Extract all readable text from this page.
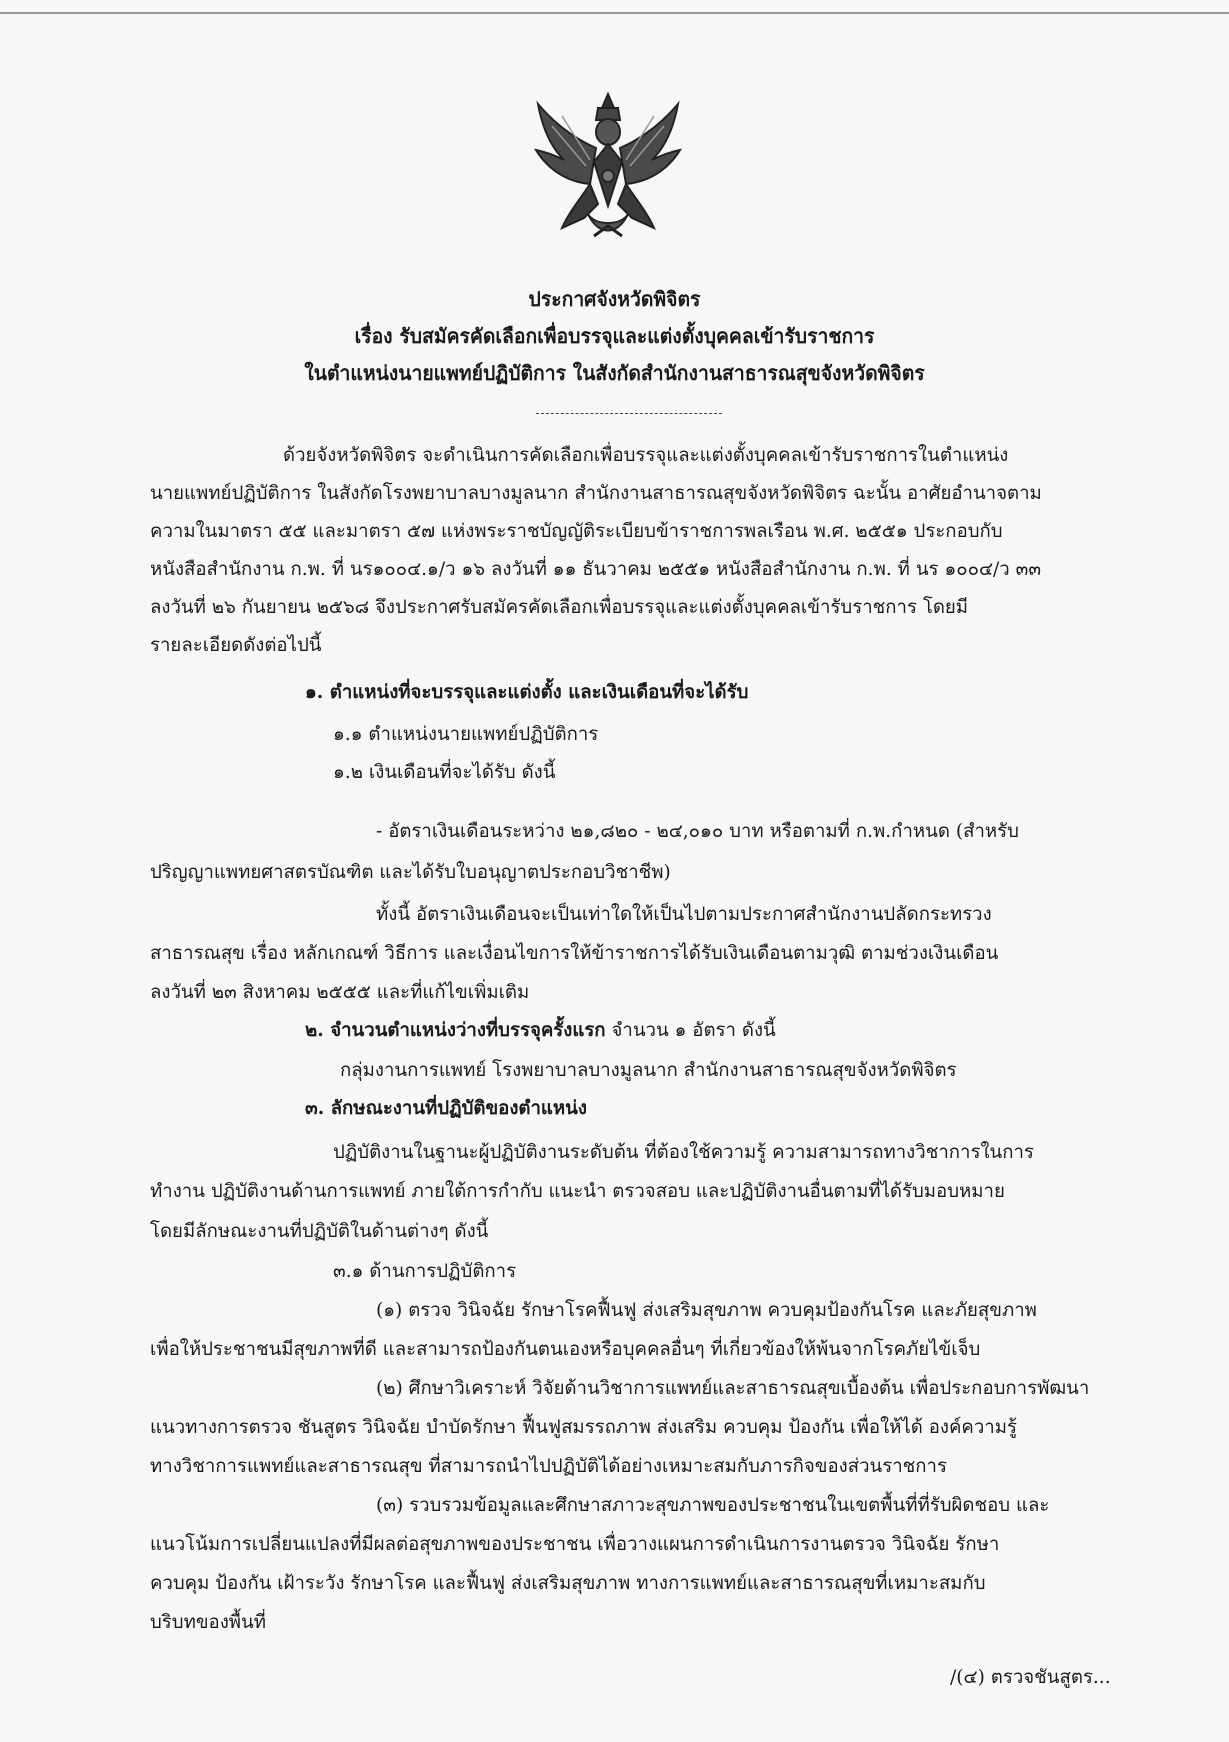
ประกาศจังหวัดพิจิตร
เรื่อง รับสมัครคัดเลือกเพื่อบรรจุและแต่งตั้งบุคคลเข้ารับราชการ
ในตำแหน่งนายแพทย์ปฏิบัติการ ในสังกัดสำนักงานสาธารณสุขจังหวัดพิจิตร
ด้วยจังหวัดพิจิตร จะดำเนินการคัดเลือกเพื่อบรรจุและแต่งตั้งบุคคลเข้ารับราชการในตำแหน่ง
นายแพทย์ปฏิบัติการ ในสังกัดโรงพยาบาลบางมูลนาก สำนักงานสาธารณสุขจังหวัดพิจิตร ฉะนั้น อาศัยอำนาจตาม
ความในมาตรา ๕๕ และมาตรา ๕๗ แห่งพระราชบัญญัติระเบียบข้าราชการพลเรือน พ.ศ. ๒๕๕๑ ประกอบกับ
หนังสือสำนักงาน ก.พ. ที่ นร๑๐๐๔.๑/ว ๑๖ ลงวันที่ ๑๑ ธันวาคม ๒๕๕๑ หนังสือสำนักงาน ก.พ. ที่ นร ๑๐๐๔/ว ๓๓
ลงวันที่ ๒๖ กันยายน ๒๕๖๘ จึงประกาศรับสมัครคัดเลือกเพื่อบรรจุและแต่งตั้งบุคคลเข้ารับราชการ โดยมี
รายละเอียดดังต่อไปนี้
๑. ตำแหน่งที่จะบรรจุและแต่งตั้ง และเงินเดือนที่จะได้รับ
๑.๑ ตำแหน่งนายแพทย์ปฏิบัติการ
๑.๒ เงินเดือนที่จะได้รับ ดังนี้
- อัตราเงินเดือนระหว่าง ๒๑,๘๒๐ - ๒๔,๐๑๐ บาท หรือตามที่ ก.พ.กำหนด (สำหรับ
ปริญญาแพทยศาสตรบัณฑิต และได้รับใบอนุญาตประกอบวิชาชีพ)
ทั้งนี้ อัตราเงินเดือนจะเป็นเท่าใดให้เป็นไปตามประกาศสำนักงานปลัดกระทรวง
สาธารณสุข เรื่อง หลักเกณฑ์ วิธีการ และเงื่อนไขการให้ข้าราชการได้รับเงินเดือนตามวุฒิ ตามช่วงเงินเดือน
ลงวันที่ ๒๓ สิงหาคม ๒๕๕๕ และที่แก้ไขเพิ่มเติม
๒. จำนวนตำแหน่งว่างที่บรรจุครั้งแรก จำนวน ๑ อัตรา ดังนี้
กลุ่มงานการแพทย์ โรงพยาบาลบางมูลนาก สำนักงานสาธารณสุขจังหวัดพิจิตร
๓. ลักษณะงานที่ปฏิบัติของตำแหน่ง
ปฏิบัติงานในฐานะผู้ปฏิบัติงานระดับต้น ที่ต้องใช้ความรู้ ความสามารถทางวิชาการในการ
ทำงาน ปฏิบัติงานด้านการแพทย์ ภายใต้การกำกับ แนะนำ ตรวจสอบ และปฏิบัติงานอื่นตามที่ได้รับมอบหมาย
โดยมีลักษณะงานที่ปฏิบัติในด้านต่างๆ ดังนี้
๓.๑ ด้านการปฏิบัติการ
(๑) ตรวจ วินิจฉัย รักษาโรคฟื้นฟู ส่งเสริมสุขภาพ ควบคุมป้องกันโรค และภัยสุขภาพ
เพื่อให้ประชาชนมีสุขภาพที่ดี และสามารถป้องกันตนเองหรือบุคคลอื่นๆ ที่เกี่ยวข้องให้พ้นจากโรคภัยไข้เจ็บ
(๒) ศึกษาวิเคราะห์ วิจัยด้านวิชาการแพทย์และสาธารณสุขเบื้องต้น เพื่อประกอบการพัฒนา
แนวทางการตรวจ ชันสูตร วินิจฉัย บำบัดรักษา ฟื้นฟูสมรรถภาพ ส่งเสริม ควบคุม ป้องกัน เพื่อให้ได้ องค์ความรู้
ทางวิชาการแพทย์และสาธารณสุข ที่สามารถนำไปปฏิบัติได้อย่างเหมาะสมกับภารกิจของส่วนราชการ
(๓) รวบรวมข้อมูลและศึกษาสภาวะสุขภาพของประชาชนในเขตพื้นที่ที่รับผิดชอบ และ
แนวโน้มการเปลี่ยนแปลงที่มีผลต่อสุขภาพของประชาชน เพื่อวางแผนการดำเนินการงานตรวจ วินิจฉัย รักษา
ควบคุม ป้องกัน เฝ้าระวัง รักษาโรค และฟื้นฟู ส่งเสริมสุขภาพ ทางการแพทย์และสาธารณสุขที่เหมาะสมกับ
บริบทของพื้นที่
/(๔) ตรวจชันสูตร...
